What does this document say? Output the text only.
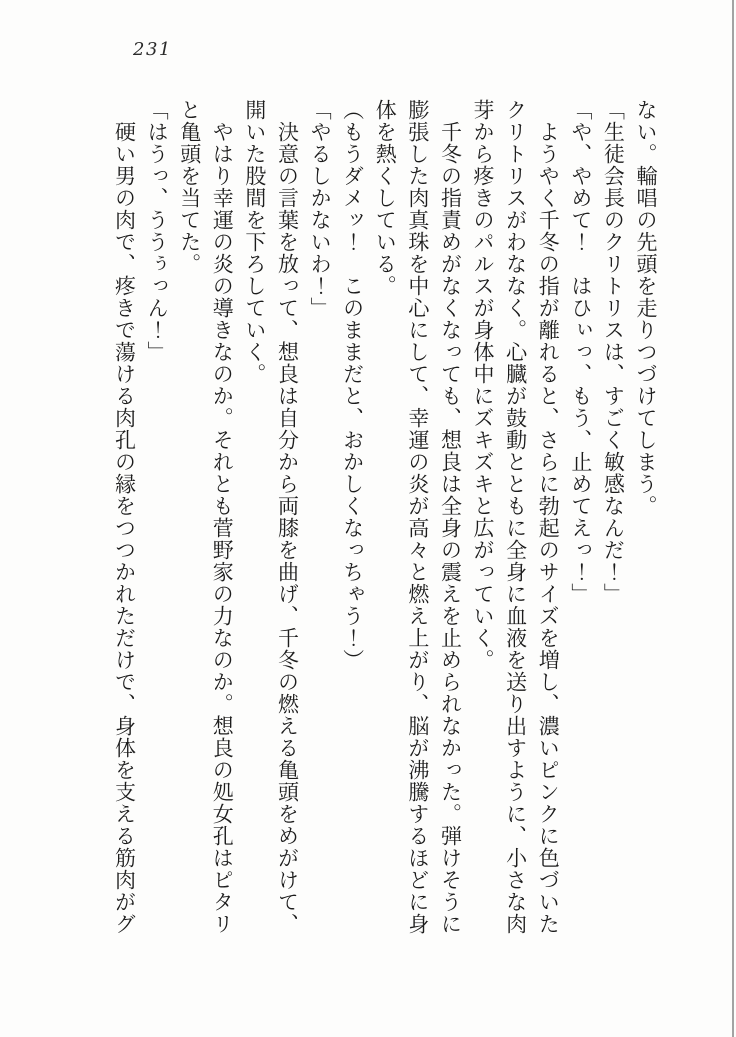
231

ない。輪唱の先頭を走りつづけてしまう。

「生徒会長のクリトリスは、すごく敏感なんだ！」

「や、やめて！　はひぃっ、もう、止めてえっ！」

　ようやく千冬の指が離れると、さらに勃起のサイズを増し、濃いピンクに色づいたクリトリスがわななく。心臓が鼓動とともに全身に血液を送り出すように、小さな肉芽から疼きのパルスが身体中にズキズキと広がっていく。

　千冬の指責めがなくなっても、想良は全身の震えを止められなかった。弾けそうに膨張した肉真珠を中心にして、幸運の炎が高々と燃え上がり、脳が沸騰するほどに身体を熱くしている。

（もうダメッ！　このままだと、おかしくなっちゃう！）

「やるしかないわ！」

　決意の言葉を放って、想良は自分から両膝を曲げ、千冬の燃える亀頭をめがけて、開いた股間を下ろしていく。

　やはり幸運の炎の導きなのか。それとも菅野家の力なのか。想良の処女孔はピタリと亀頭を当てた。

「はうっ、ううぅっん！」

　硬い男の肉で、疼きで蕩ける肉孔の縁をつつかれただけで、身体を支える筋肉がグ
